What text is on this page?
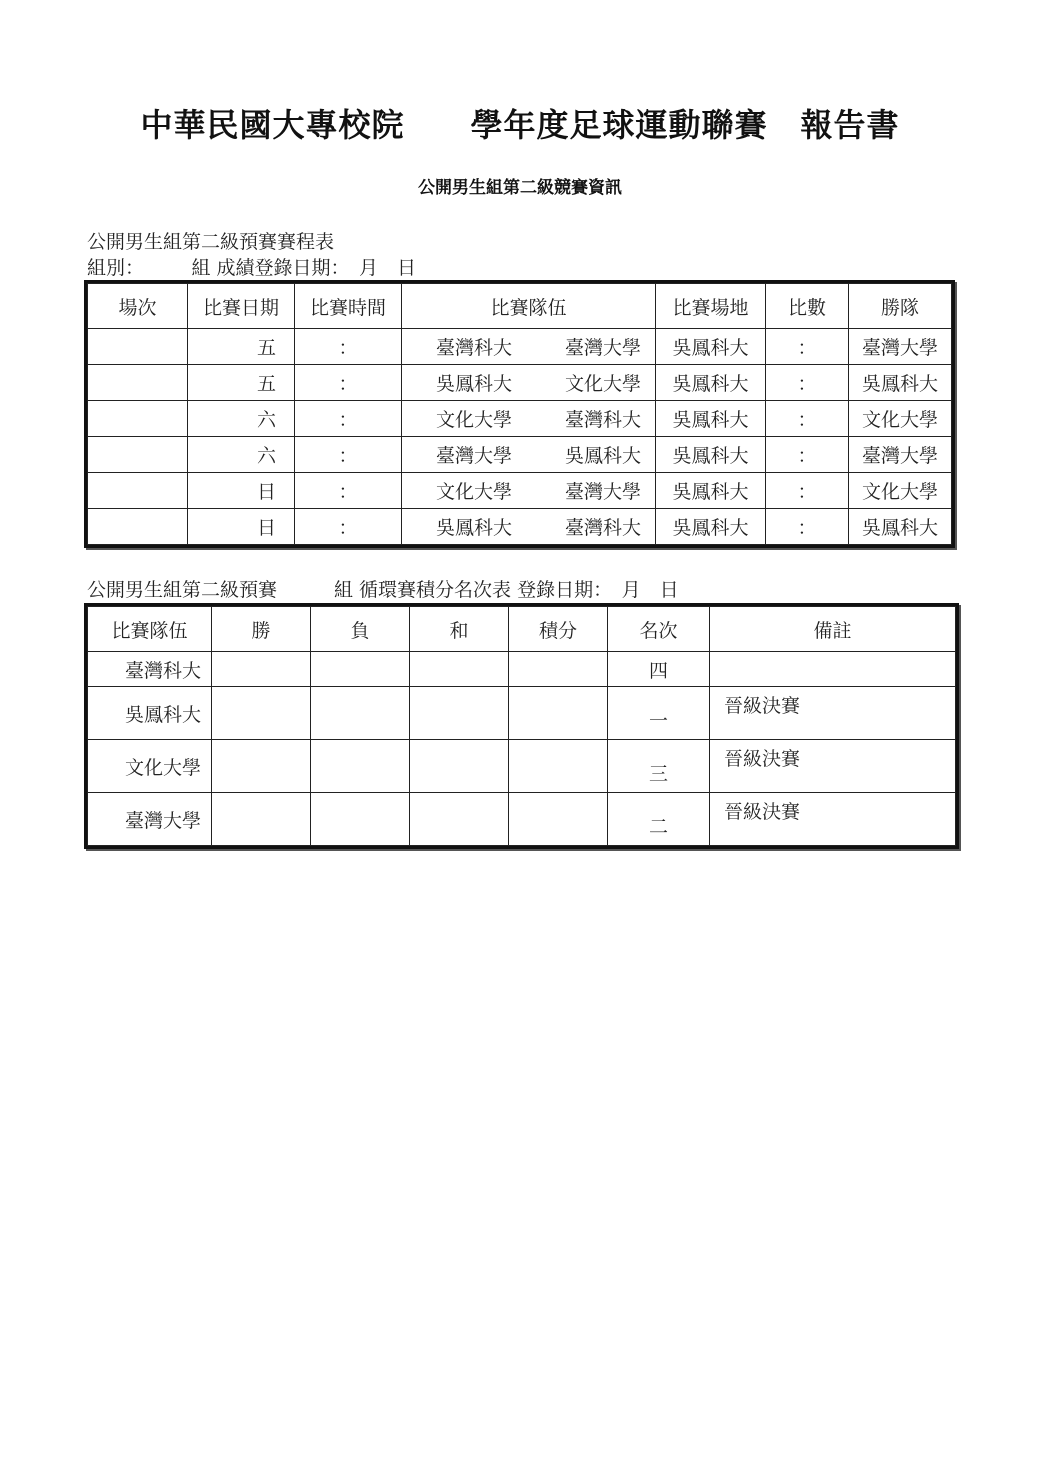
中華民國大專校院　　學年度足球運動聯賽　報告書
公開男生組第二級競賽資訊
公開男生組第二級預賽賽程表
組別：　　　組 成績登錄日期：　月　日
場次	比賽日期	比賽時間	比賽隊伍	比賽場地	比數	勝隊
	五	：	臺灣科大 臺灣大學	吳鳳科大	：	臺灣大學
	五	：	吳鳳科大 文化大學	吳鳳科大	：	吳鳳科大
	六	：	文化大學 臺灣科大	吳鳳科大	：	文化大學
	六	：	臺灣大學 吳鳳科大	吳鳳科大	：	臺灣大學
	日	：	文化大學 臺灣大學	吳鳳科大	：	文化大學
	日	：	吳鳳科大 臺灣科大	吳鳳科大	：	吳鳳科大
公開男生組第二級預賽　　　組 循環賽積分名次表 登錄日期：　月　日
比賽隊伍	勝	負	和	積分	名次	備註
臺灣科大					四	
吳鳳科大					一	晉級決賽
文化大學					三	晉級決賽
臺灣大學					二	晉級決賽
